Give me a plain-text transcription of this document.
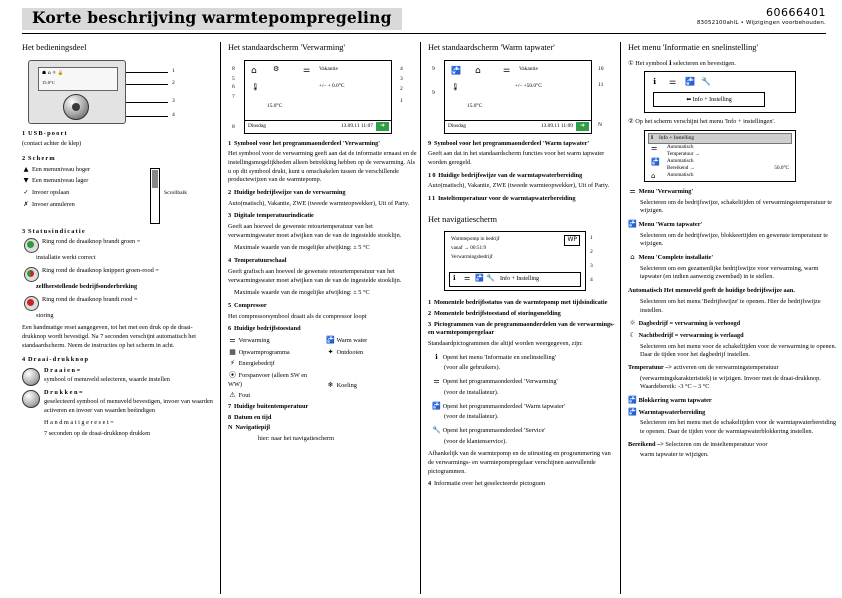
Korte beschrijving warmtepompregeling	60666401
83052100ahlL • Wijzigingen voorbehouden.
Het bedieningsdeel
☗ ⌂ ☼ 🔒
15.0°C
1
2
3
4

1 USB-poort

(contact achter de klep)

2 Scherm

▲ Een menuniveau hoger
▼ Een menuniveau lager
✓ Invoer opslaan
✗ Invoer annuleren
Scrollbalk

3 Statusindicatie

Ring rond de draaiknop brandt groen =

installatie werkt correct

Ring rond de draaiknop knippert groen-rood =

zelfherstellende bedrijfsonderbreking

Ring rond de draaiknop brandt rood =

storing

Een handmatige reset aangegeven, tot het met een druk op de draai-drukknop wordt bevestigd. Na 7 seconden verschijnt automatisch het standaardscherm. Neem de instructies op het scherm in acht.

4 Draai-drukknop

D r a a i e n =
symbool of menuveld selecteren, waarde instellen
D r u k k e n =
geselecteerd symbool of menuveld bevestigen, invoer van waarden activeren en invoer van waarden beéindigen

H a n d m a t i g e r e s e t =

7 seconden op de draai-drukknop drukken

Het standaardscherm 'Verwarming'
⌂ ⚙	⚌ Vakantie
+/– + 0.0°C
🌡
15.0°C
Dinsdag	13.09.11 11:07	➜
8
6
7
5
8
4
3
2
1

1 Symbool voor het programmaonderdeel 'Verwarming'

Het symbool voor de verwarming geeft aan dat de informatie ernaast en de instellingsmogelijkheden alleen betrekking hebben op de verwarming. Als u op dit symbool drukt, kunt u omschakelen tussen de verschillende productewijzen van de warmtepomp.

2 Huidige bedrijfswijze van de verwarming

Auto(matisch), Vakantie, ZWE (tweede warmteopwekker), Uit of Party.

3 Digitale temperatuurindicatie

Geeft aan hoeveel de gewenste retourtemperatuur van het verwarmingswater moet afwijken van de van de ingestelde stooklijn.

Maximale waarde van de mogelijke afwijking: ± 5 °C

4 Temperatuurschaal

Geeft grafisch aan hoeveel de gewenste retourtemperatuur van het verwarmingswater moet afwijken van de van de ingestelde stooklijn.

Maximale waarde van de mogelijke afwijking: ± 5 °C

5 Compressor

Het compressorsymbool draait als de compressor loopt

6 Huidige bedrijfstoestand

⚌ Verwarming

▦ Opwarmprogramma

⚡ Energiebedrijf

⦿ Forspanvoer (alleen SW en WW)

⚠ Fout

🚰 Warm water

✦ Ontdooien

❄ Koeling

7 Huidige buitentemperatuur

8 Datum en tijd

N Navigatiepijl

hier: naar het navigatiescherm

Het standaardscherm 'Warm tapwater'
🚰 ⌂	⚌ Vakantie
+/– +50.0°C
🌡
15.0°C
Dinsdag	13.09.11 11:09	➜
9
9
10
11
N

9 Symbool voor het programmaonderdeel 'Warm tapwater'

Geeft aan dat in het standaardscherm functies voor het warm tapwater worden geregeld.

10 Huidige bedrijfswijze van de warmtapwaterbereiding

Auto(matisch), Vakantie, ZWE (tweede warmteopwekker), Uit of Party.

11 Insteltemperatuur voor de warmtapwaterbereiding

Het navigatiescherm
Warmtepomp in bedrijf
vanaf → 00:51:9
Verwarmingsbedrijf
WP
ℹ ⚌ 🚰 🔧 Info + Instelling
1
2
3
4

1 Momentele bedrijfsstatus van de warmtepomp met tijdsindicatie

2 Momentele bedrijfstoestand of storingsmelding

3 Pictogrammen van de programmaonderdelen van de verwarmings- en warmtepompregelaar

Standaardpictogrammen die altijd worden weergegeven, zijn:

ℹ Opent het menu 'Informatie en snelinstelling'

(voor alle gebruikers).

⚌ Opent het programmaonderdeel 'Verwarming'

(voor de installateur).

🚰 Opent het programmaonderdeel 'Warm tapwater'

(voor de installateur).

🔧 Opent het programmaonderdeel 'Service'

(voor de klantenservice).

Afhankelijk van de warmtepomp en de uitrusting en programmering van de verwarmings- en warmtepompregelaar verschijnen aanvullende pictogrammen.

4 Informatie over het geselecteerde pictogram

Het menu 'Informatie en snelinstelling'

① Het symbool ℹ selecteren en bevestigen.

ℹ ⚌ 🚰 🔧
⬅ Info + Instelling

② Op het scherm verschijnt het menu 'Info + instellingen'.

ℹ Info + Instelling
Automatisch
Temperatuur →
Automatisch
Bereikend →	50.0°C
Automatisch
⚌
🚰
⌂

⚌ Menu 'Verwarming'

Selecteren om de bedrijfswijze, schakeltijden of verwarmingstemperatuur te wijzigen.

🚰 Menu 'Warm tapwater'

Selecteren om de bedrijfswijze, blokkeertijden en gewenste temperatuur te wijzigen.

⌂ Menu 'Complete installatie'

Selecteren om een gezamenlijke bedrijfswijze voor verwarming, warm tapwater (en indien aanwezig zwembad) in te stellen.

Automatisch Het menuveld geeft de huidige bedrijfswijze aan.

Selecteren om het menu 'Bedrijfswijze' te openen. Hier de bedrijfswijze instellen.

☼ Dagbedrijf = verwarming is verhoogd

☾ Nachtbedrijf = verwarming is verlaagd

Selecteren om het menu voor de schakeltijden voor de verwarming te openen. Daar de tijden voor het dagbedrijf instellen.

Temperatuur –> activeren om de verwarmingstemperatuur

(verwarmingskarakteristiek) te wijzigen. Invoer met de draai-drukknop. Waardebereik: -3 °C – 3 °C

🚰 Blokkering warm tapwater

🚰 Warmtapwaterbereiding

Selecteren om het menu met de schakeltijden voor de warmtapwaterbereiding te openen. Daar de tijden voor de warmtapwaterblokkering instellen.

Bereikend –> Selecteren om de insteltemperatuur voor

warm tapwater te wijzigen.
